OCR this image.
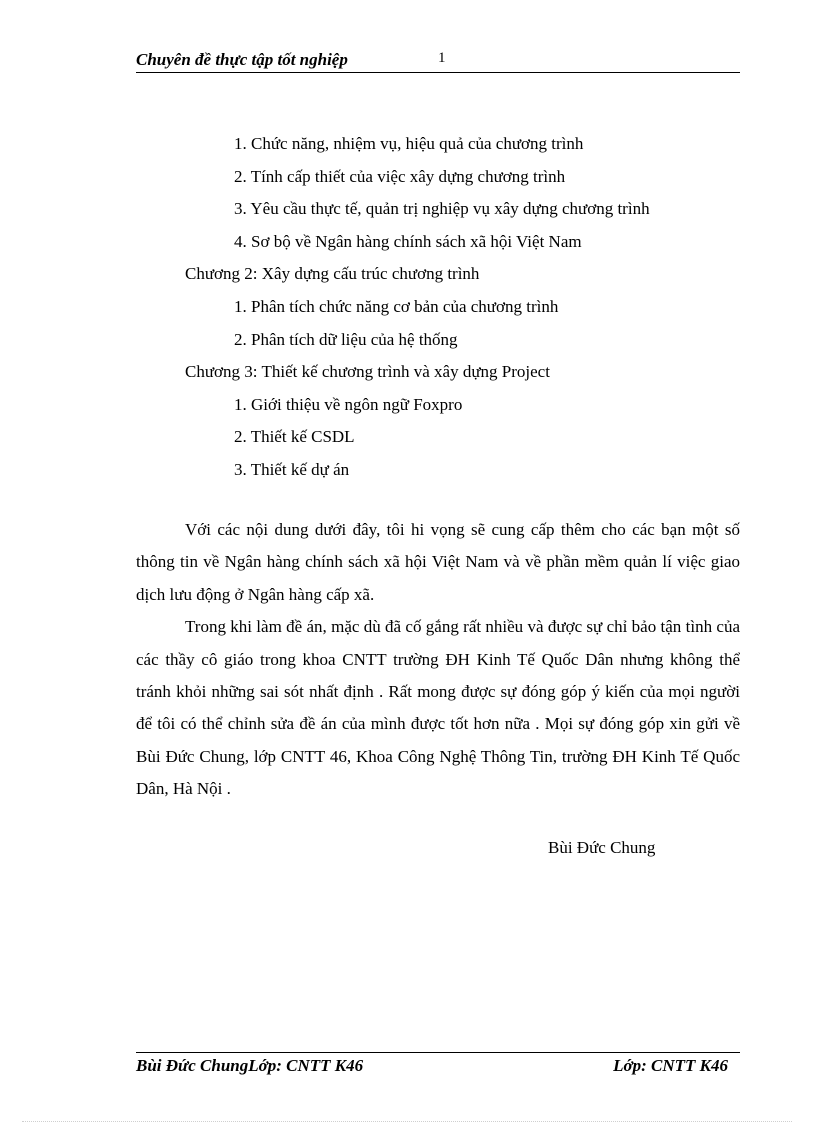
Chuyên đề thực tập tốt nghiệp	1
1. Chức năng, nhiệm vụ, hiệu quả của chương trình
2. Tính cấp thiết của việc xây dựng chương trình
3. Yêu cầu thực tế, quản trị nghiệp vụ xây dựng chương trình
4. Sơ bộ về Ngân hàng chính sách xã hội Việt Nam
Chương 2: Xây dựng cấu trúc chương trình
1. Phân tích chức năng cơ bản của chương trình
2. Phân tích dữ liệu của hệ thống
Chương 3: Thiết kế chương trình và xây dựng Project
1. Giới thiệu về ngôn ngữ Foxpro
2. Thiết kế CSDL
3. Thiết kế dự án

Với các nội dung dưới đây, tôi hi vọng sẽ cung cấp thêm cho các bạn một số thông tin về Ngân hàng chính sách xã hội Việt Nam và về phần mềm quản lí việc giao dịch lưu động ở Ngân hàng cấp xã.

Trong khi làm đề án, mặc dù đã cố gắng rất nhiều và được sự chỉ bảo tận tình của các thầy cô giáo trong khoa CNTT trường ĐH Kinh Tế Quốc Dân nhưng không thể tránh khỏi những sai sót nhất định . Rất mong được sự đóng góp ý kiến của mọi người để tôi có thể chỉnh sửa đề án của mình được tốt hơn nữa . Mọi sự đóng góp xin gửi về Bùi Đức Chung, lớp CNTT 46, Khoa Công Nghệ Thông Tin, trường ĐH Kinh Tế Quốc Dân, Hà Nội .

Bùi Đức Chung
Bùi Đức ChungLớp: CNTT K46	Lớp: CNTT K46
